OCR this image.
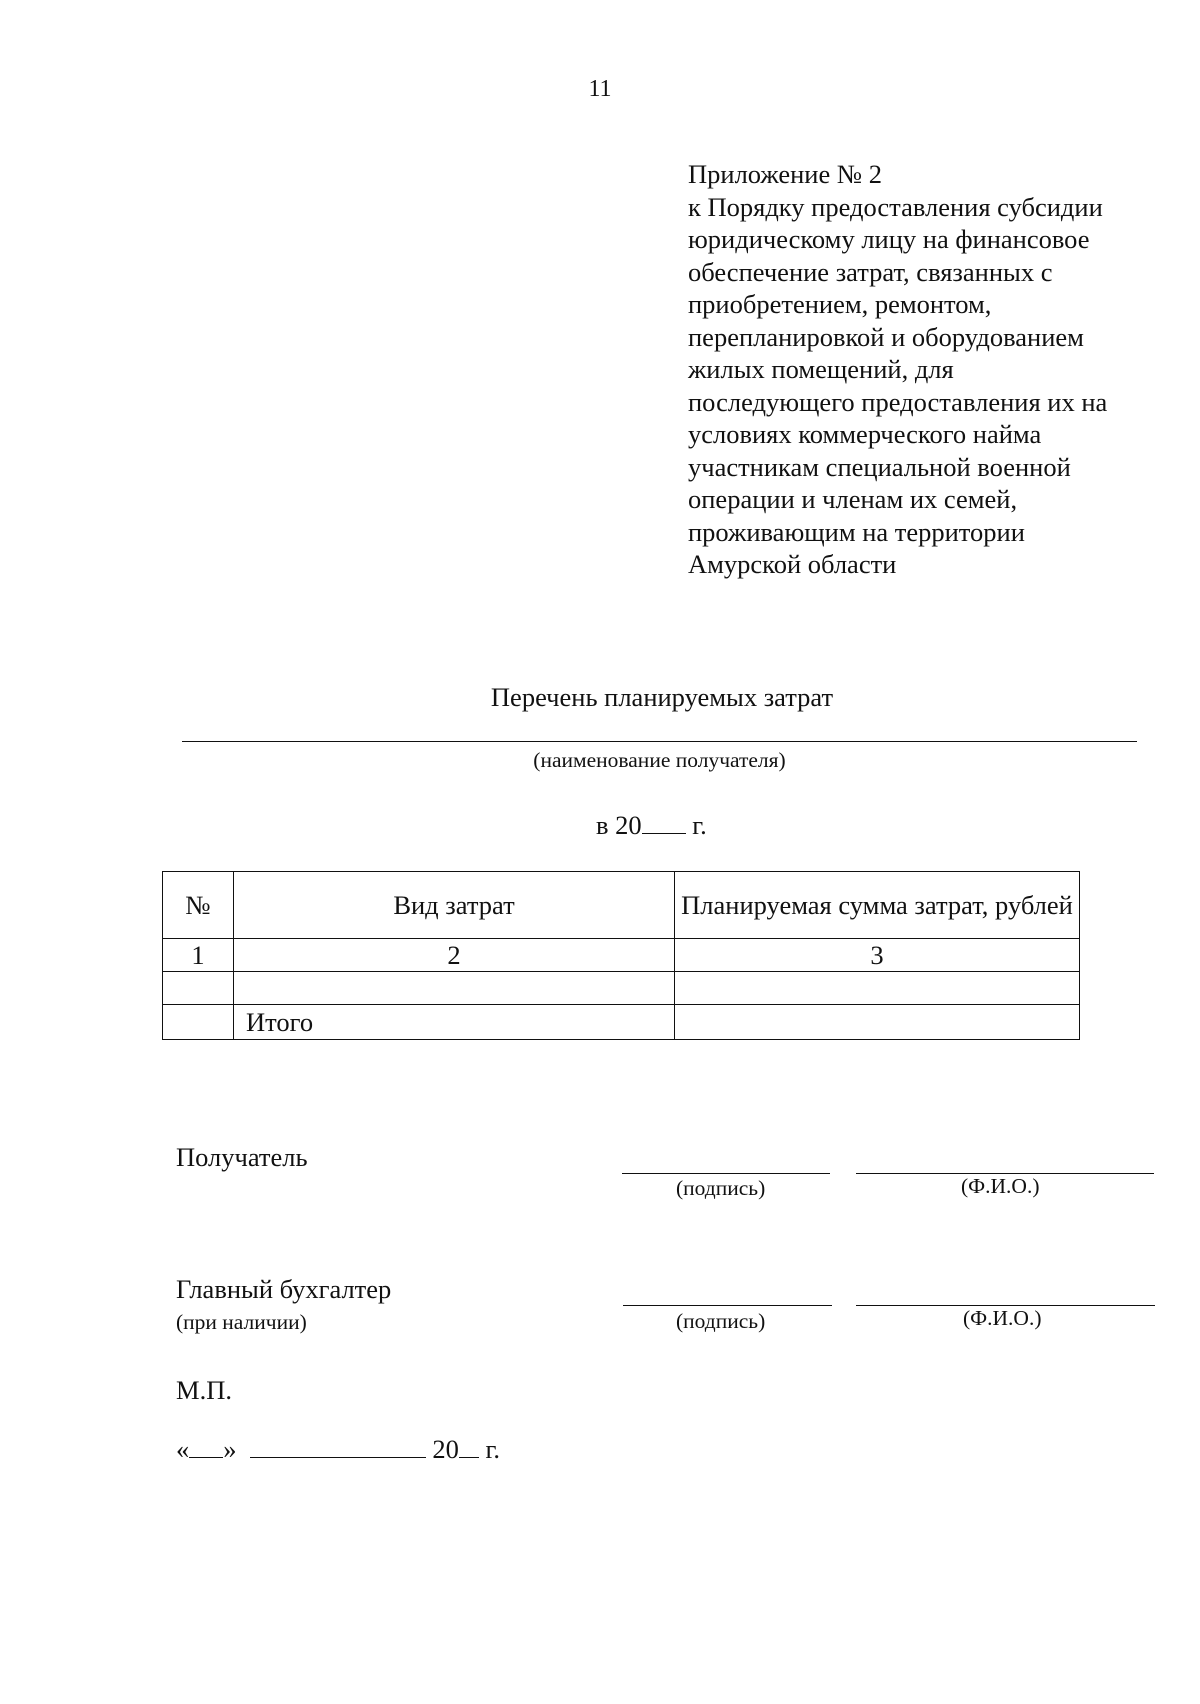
11
Приложение № 2
к Порядку предоставления субсидии
юридическому лицу на финансовое
обеспечение затрат, связанных с
приобретением, ремонтом,
перепланировкой и оборудованием
жилых помещений, для
последующего предоставления их на
условиях коммерческого найма
участникам специальной военной
операции и членам их семей,
проживающим на территории
Амурской области
Перечень планируемых затрат
(наименование получателя)
в 20 г.
№	Вид затрат	Планируемая сумма затрат, рублей
1	2	3

	Итого	
Получатель
(подпись)	(Ф.И.О.)
Главный бухгалтер
(при наличии)	(подпись)	(Ф.И.О.)
М.П.
« »	20 г.
